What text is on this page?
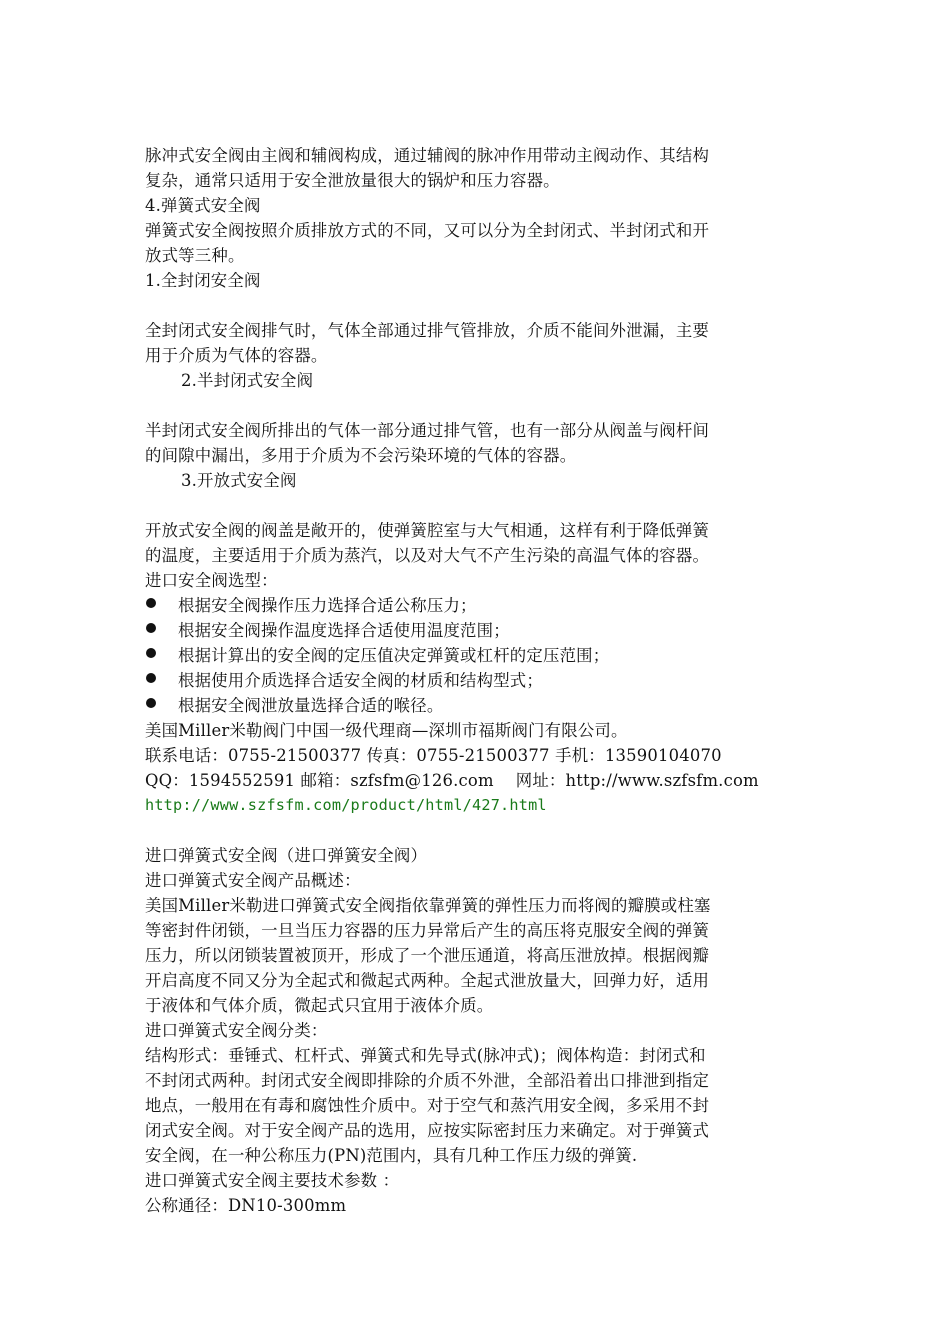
脉冲式安全阀由主阀和辅阀构成，通过辅阀的脉冲作用带动主阀动作、其结构
复杂，通常只适用于安全泄放量很大的锅炉和压力容器。
4.弹簧式安全阀
弹簧式安全阀按照介质排放方式的不同，又可以分为全封闭式、半封闭式和开
放式等三种。
1.全封闭安全阀
全封闭式安全阀排气时，气体全部通过排气管排放，介质不能间外泄漏，主要
用于介质为气体的容器。
2.半封闭式安全阀
半封闭式安全阀所排出的气体一部分通过排气管，也有一部分从阀盖与阀杆间
的间隙中漏出，多用于介质为不会污染环境的气体的容器。
3.开放式安全阀
开放式安全阀的阀盖是敞开的，使弹簧腔室与大气相通，这样有利于降低弹簧
的温度，主要适用于介质为蒸汽，以及对大气不产生污染的高温气体的容器。
进口安全阀选型：
根据安全阀操作压力选择合适公称压力；
根据安全阀操作温度选择合适使用温度范围；
根据计算出的安全阀的定压值决定弹簧或杠杆的定压范围；
根据使用介质选择合适安全阀的材质和结构型式；
根据安全阀泄放量选择合适的喉径。
美国Miller米勒阀门中国一级代理商—深圳市福斯阀门有限公司。
联系电话：0755-21500377 传真：0755-21500377 手机：13590104070
QQ：1594552591 邮箱：szfsfm@126.com　 网址：http://www.szfsfm.com
http://www.szfsfm.com/product/html/427.html
进口弹簧式安全阀（进口弹簧安全阀）
进口弹簧式安全阀产品概述：
美国Miller米勒进口弹簧式安全阀指依靠弹簧的弹性压力而将阀的瓣膜或柱塞
等密封件闭锁，一旦当压力容器的压力异常后产生的高压将克服安全阀的弹簧
压力，所以闭锁装置被顶开，形成了一个泄压通道，将高压泄放掉。根据阀瓣
开启高度不同又分为全起式和微起式两种。全起式泄放量大，回弹力好，适用
于液体和气体介质，微起式只宜用于液体介质。
进口弹簧式安全阀分类：
结构形式：垂锤式、杠杆式、弹簧式和先导式(脉冲式)；阀体构造：封闭式和
不封闭式两种。封闭式安全阀即排除的介质不外泄，全部沿着出口排泄到指定
地点，一般用在有毒和腐蚀性介质中。对于空气和蒸汽用安全阀，多采用不封
闭式安全阀。对于安全阀产品的选用，应按实际密封压力来确定。对于弹簧式
安全阀，在一种公称压力(PN)范围内，具有几种工作压力级的弹簧.
进口弹簧式安全阀主要技术参数 ：
公称通径：DN10-300mm
